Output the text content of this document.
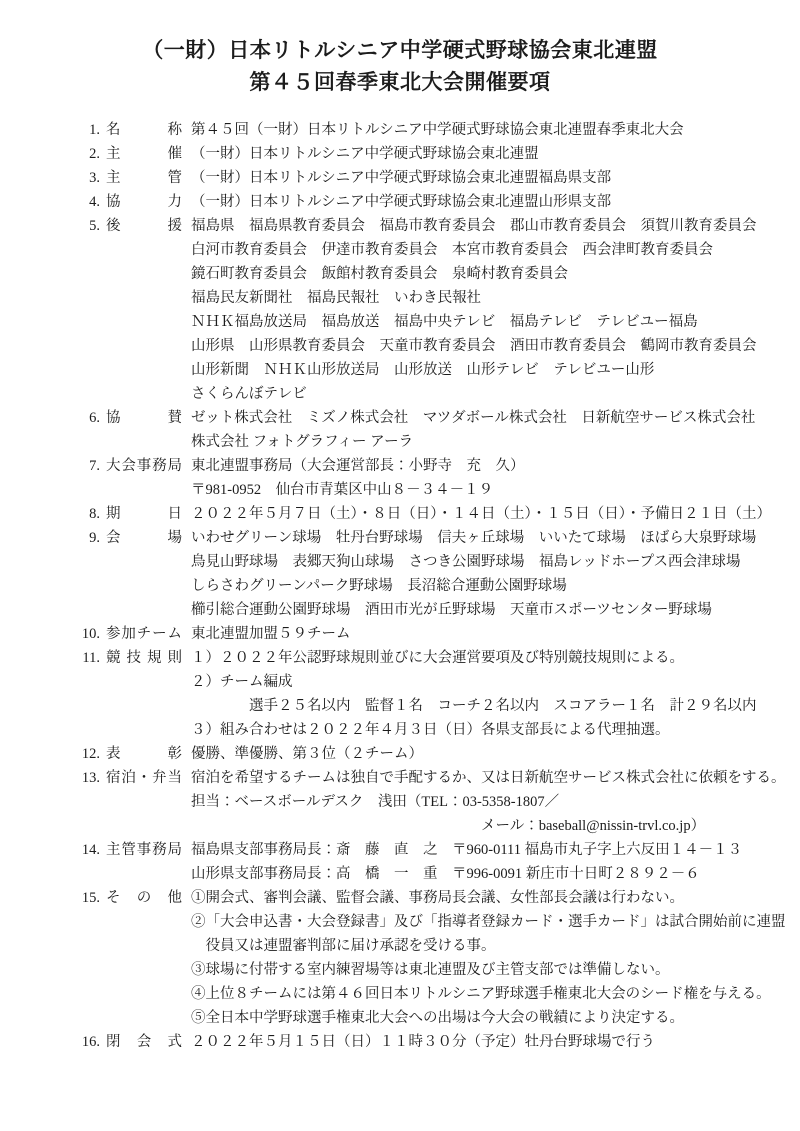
（一財）日本リトルシニア中学硬式野球協会東北連盟
第４５回春季東北大会開催要項
1. 名称 第４５回（一財）日本リトルシニア中学硬式野球協会東北連盟春季東北大会
2. 主催 （一財）日本リトルシニア中学硬式野球協会東北連盟
3. 主管 （一財）日本リトルシニア中学硬式野球協会東北連盟福島県支部
4. 協力 （一財）日本リトルシニア中学硬式野球協会東北連盟山形県支部
5. 後援 福島県　福島県教育委員会　福島市教育委員会　郡山市教育委員会　須賀川教育委員会
白河市教育委員会　伊達市教育委員会　本宮市教育委員会　西会津町教育委員会
鏡石町教育委員会　飯館村教育委員会　泉崎村教育委員会
福島民友新聞社　福島民報社　いわき民報社
ＮＨＫ福島放送局　福島放送　福島中央テレビ　福島テレビ　テレビユー福島
山形県　山形県教育委員会　天童市教育委員会　酒田市教育委員会　鶴岡市教育委員会
山形新聞　ＮＨＫ山形放送局　山形放送　山形テレビ　テレビユー山形
さくらんぼテレビ
6. 協賛 ゼット株式会社　ミズノ株式会社　マツダボール株式会社　日新航空サービス株式会社
株式会社 フォトグラフィー アーラ
7. 大会事務局 東北連盟事務局（大会運営部長：小野寺　充　久）
〒981-0952　仙台市青葉区中山８－３４－１９
8. 期日 ２０２２年５月７日（土）・８日（日）・１４日（土）・１５日（日）・予備日２１日（土）
9. 会場 いわせグリーン球場　牡丹台野球場　信夫ヶ丘球場　いいたて球場　ほばら大泉野球場
鳥見山野球場　表郷天狗山球場　さつき公園野球場　福島レッドホープス西会津球場
しらさわグリーンパーク野球場　長沼総合運動公園野球場
櫛引総合運動公園野球場　酒田市光が丘野球場　天童市スポーツセンター野球場
10. 参加チーム 東北連盟加盟５９チーム
11. 競技規則 １）２０２２年公認野球規則並びに大会運営要項及び特別競技規則による。
２）チーム編成
　　　　選手２５名以内　監督１名　コーチ２名以内　スコアラー１名　計２９名以内
３）組み合わせは２０２２年４月３日（日）各県支部長による代理抽選。
12. 表彰 優勝、準優勝、第３位（２チーム）
13. 宿泊・弁当 宿泊を希望するチームは独自で手配するか、又は日新航空サービス株式会社に依頼をする。
担当：ベースボールデスク　浅田（TEL：03-5358-1807／
　　　　　　　　　　　　　　　　　　　　メール：baseball@nissin-trvl.co.jp）
14. 主管事務局 福島県支部事務局長：斎　藤　直　之　〒960-0111 福島市丸子字上六反田１４－１３
山形県支部事務局長：高　橋　一　重　〒996-0091 新庄市十日町２８９２－６
15. その他 ①開会式、審判会議、監督会議、事務局長会議、女性部長会議は行わない。
②「大会申込書・大会登録書」及び「指導者登録カード・選手カード」は試合開始前に連盟
　役員又は連盟審判部に届け承認を受ける事。
③球場に付帯する室内練習場等は東北連盟及び主管支部では準備しない。
④上位８チームには第４６回日本リトルシニア野球選手権東北大会のシード権を与える。
⑤全日本中学野球選手権東北大会への出場は今大会の戦績により決定する。
16. 閉会式 ２０２２年５月１５日（日）１１時３０分（予定）牡丹台野球場で行う
